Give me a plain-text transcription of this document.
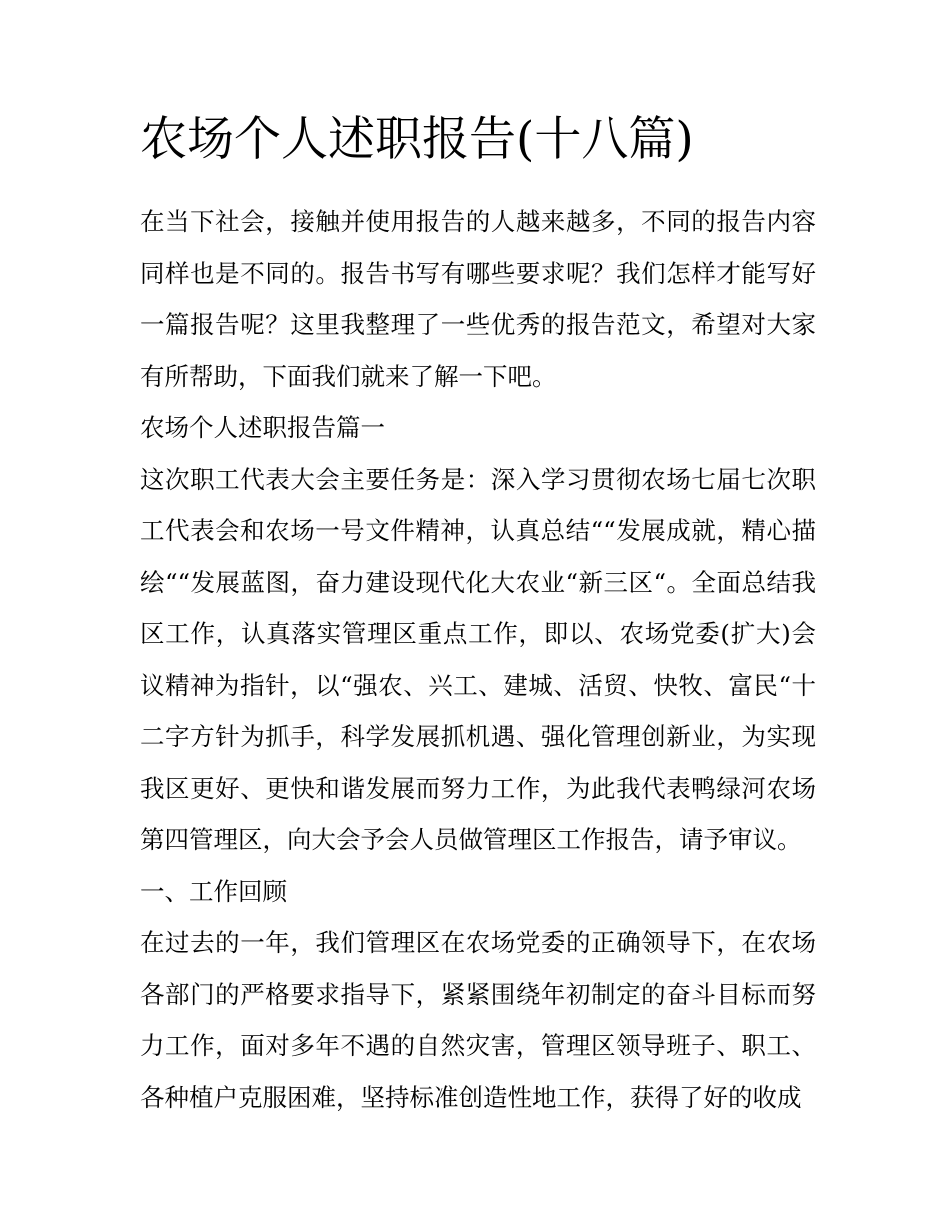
农场个人述职报告(十八篇)

在当下社会，接触并使用报告的人越来越多，不同的报告内容同样也是不同的。报告书写有哪些要求呢？我们怎样才能写好一篇报告呢？这里我整理了一些优秀的报告范文，希望对大家有所帮助，下面我们就来了解一下吧。

农场个人述职报告篇一

这次职工代表大会主要任务是：深入学习贯彻农场七届七次职工代表会和农场一号文件精神，认真总结““发展成就，精心描绘““发展蓝图，奋力建设现代化大农业“新三区“。全面总结我区工作，认真落实管理区重点工作，即以、农场党委(扩大)会议精神为指针，以“强农、兴工、建城、活贸、快牧、富民“十二字方针为抓手，科学发展抓机遇、强化管理创新业，为实现我区更好、更快和谐发展而努力工作，为此我代表鸭绿河农场第四管理区，向大会予会人员做管理区工作报告，请予审议。

一、工作回顾

在过去的一年，我们管理区在农场党委的正确领导下，在农场各部门的严格要求指导下，紧紧围绕年初制定的奋斗目标而努力工作，面对多年不遇的自然灾害，管理区领导班子、职工、各种植户克服困难，坚持标准创造性地工作，获得了好的收成
